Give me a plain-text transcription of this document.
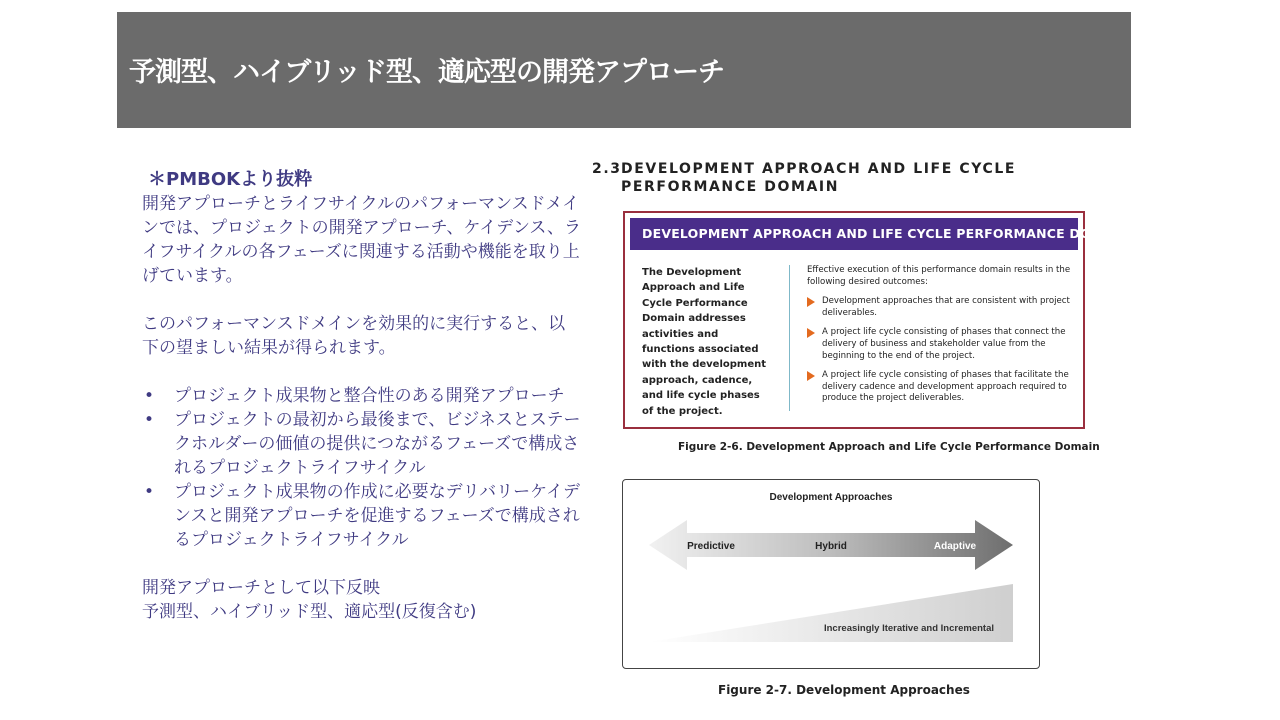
予測型、ハイブリッド型、適応型の開発アプローチ

＊PMBOKより抜粋

開発アプローチとライフサイクルのパフォーマンスドメインでは、プロジェクトの開発アプローチ、ケイデンス、ライフサイクルの各フェーズに関連する活動や機能を取り上げています。

このパフォーマンスドメインを効果的に実行すると、以下の望ましい結果が得られます。

• プロジェクト成果物と整合性のある開発アプローチ
• プロジェクトの最初から最後まで、ビジネスとステークホルダーの価値の提供につながるフェーズで構成されるプロジェクトライフサイクル
• プロジェクト成果物の作成に必要なデリバリーケイデンスと開発アプローチを促進するフェーズで構成されるプロジェクトライフサイクル

開発アプローチとして以下反映

予測型、ハイブリッド型、適応型(反復含む)

2.3DEVELOPMENT APPROACH AND LIFE CYCLE
PERFORMANCE DOMAIN
DEVELOPMENT APPROACH AND LIFE CYCLE PERFORMANCE DOMAIN
The Development Approach and Life Cycle Performance Domain addresses activities and functions associated with the development approach, cadence, and life cycle phases of the project.
Effective execution of this performance domain results in the following desired outcomes:
Development approaches that are consistent with project deliverables.
A project life cycle consisting of phases that connect the delivery of business and stakeholder value from the beginning to the end of the project.
A project life cycle consisting of phases that facilitate the delivery cadence and development approach required to produce the project deliverables.
Figure 2-6. Development Approach and Life Cycle Performance Domain
Development Approaches
Predictive	Hybrid	Adaptive
Increasingly Iterative and Incremental
Figure 2-7. Development Approaches
